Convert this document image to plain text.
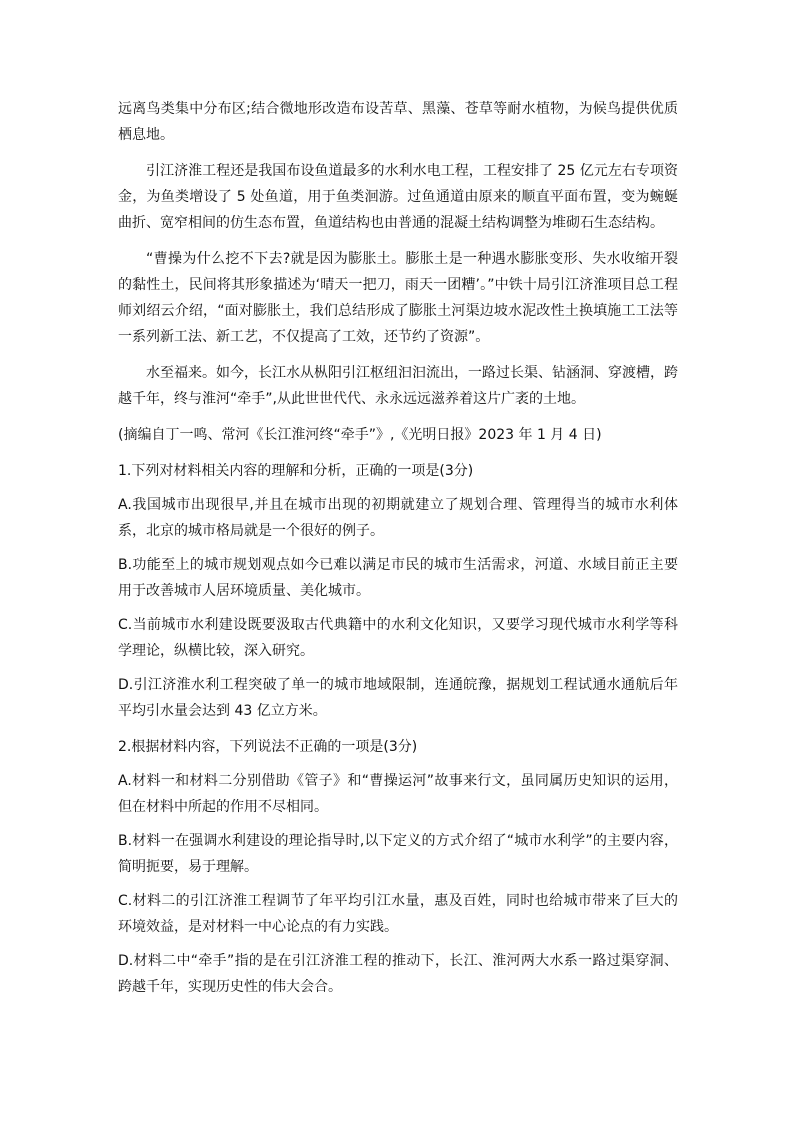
远离鸟类集中分布区;结合微地形改造布设苦草、黑藻、苍草等耐水植物，为候鸟提供优质栖息地。

引江济淮工程还是我国布设鱼道最多的水利水电工程，工程安排了 25 亿元左右专项资金，为鱼类增设了 5 处鱼道，用于鱼类洄游。过鱼通道由原来的顺直平面布置，变为蜿蜒曲折、宽窄相间的仿生态布置，鱼道结构也由普通的混凝土结构调整为堆砌石生态结构。

“曹操为什么挖不下去?就是因为膨胀土。膨胀土是一种遇水膨胀变形、失水收缩开裂的黏性土，民间将其形象描述为‘晴天一把刀，雨天一团糟’。”中铁十局引江济淮项目总工程师刘绍云介绍，“面对膨胀土，我们总结形成了膨胀土河渠边坡水泥改性土换填施工工法等一系列新工法、新工艺，不仅提高了工效，还节约了资源”。

水至福来。如今，长江水从枞阳引江枢纽汩汩流出，一路过长渠、钻涵洞、穿渡槽，跨越千年，终与淮河“牵手”,从此世世代代、永永远远滋养着这片广袤的土地。

(摘编自丁一鸣、常河《长江淮河终“牵手”》,《光明日报》2023 年 1 月 4 日)

1.下列对材料相关内容的理解和分析，正确的一项是(3分)

A.我国城市出现很早,并且在城市出现的初期就建立了规划合理、管理得当的城市水利体系，北京的城市格局就是一个很好的例子。

B.功能至上的城市规划观点如今已难以满足市民的城市生活需求，河道、水域目前正主要用于改善城市人居环境质量、美化城市。

C.当前城市水利建设既要汲取古代典籍中的水利文化知识，又要学习现代城市水利学等科学理论，纵横比较，深入研究。

D.引江济淮水利工程突破了单一的城市地域限制，连通皖豫，据规划工程试通水通航后年平均引水量会达到 43 亿立方米。

2.根据材料内容，下列说法不正确的一项是(3分)

A.材料一和材料二分别借助《管子》和“曹操运河”故事来行文，虽同属历史知识的运用，但在材料中所起的作用不尽相同。

B.材料一在强调水利建设的理论指导时,以下定义的方式介绍了“城市水利学”的主要内容，简明扼要，易于理解。

C.材料二的引江济淮工程调节了年平均引江水量，惠及百姓，同时也给城市带来了巨大的环境效益，是对材料一中心论点的有力实践。

D.材料二中“牵手”指的是在引江济淮工程的推动下，长江、淮河两大水系一路过渠穿洞、跨越千年，实现历史性的伟大会合。
